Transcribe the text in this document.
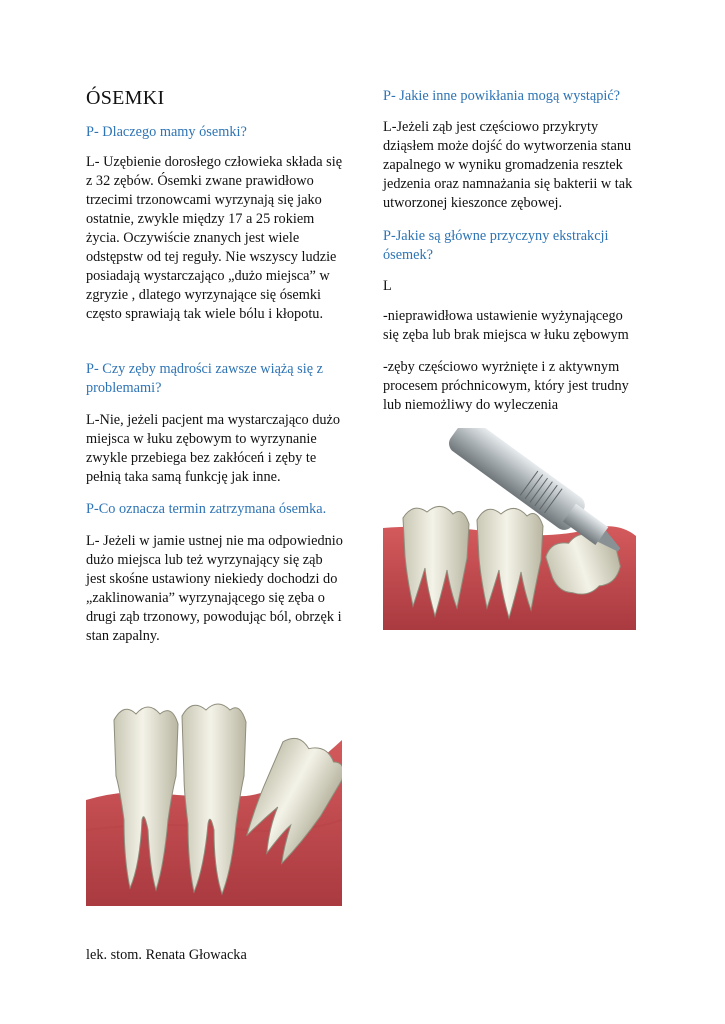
ÓSEMKI

P- Dlaczego mamy ósemki?

L- Uzębienie dorosłego człowieka składa się z 32 zębów. Ósemki zwane prawidłowo trzecimi trzonowcami wyrzynają się jako ostatnie, zwykle między 17 a 25 rokiem życia. Oczywiście znanych jest wiele odstępstw od tej reguły. Nie wszyscy ludzie posiadają wystarczająco „dużo miejsca” w zgryzie , dlatego wyrzynające się ósemki często sprawiają tak wiele bólu i kłopotu.

P- Czy zęby mądrości zawsze wiążą się z problemami?

L-Nie, jeżeli pacjent ma wystarczająco dużo miejsca w łuku zębowym to wyrzynanie zwykle przebiega bez zakłóceń i zęby te pełnią taka samą funkcję jak inne.

P-Co oznacza termin zatrzymana ósemka.

L- Jeżeli w jamie ustnej nie ma odpowiednio dużo miejsca lub też wyrzynający się ząb jest skośne ustawiony niekiedy dochodzi do „zaklinowania” wyrzynającego się zęba o drugi ząb trzonowy, powodując ból, obrzęk i stan zapalny.

P- Jakie inne powikłania mogą wystąpić?

L-Jeżeli ząb jest częściowo przykryty dziąsłem może dojść do wytworzenia stanu zapalnego w wyniku gromadzenia resztek jedzenia oraz namnażania się bakterii w tak utworzonej kieszonce zębowej.

P-Jakie są główne przyczyny ekstrakcji ósemek?

L

-nieprawidłowa ustawienie wyżynającego się zęba lub brak miejsca w łuku zębowym

-zęby częściowo wyrżnięte i z aktywnym procesem próchnicowym, który jest trudny lub niemożliwy do wyleczenia

lek. stom. Renata Głowacka
